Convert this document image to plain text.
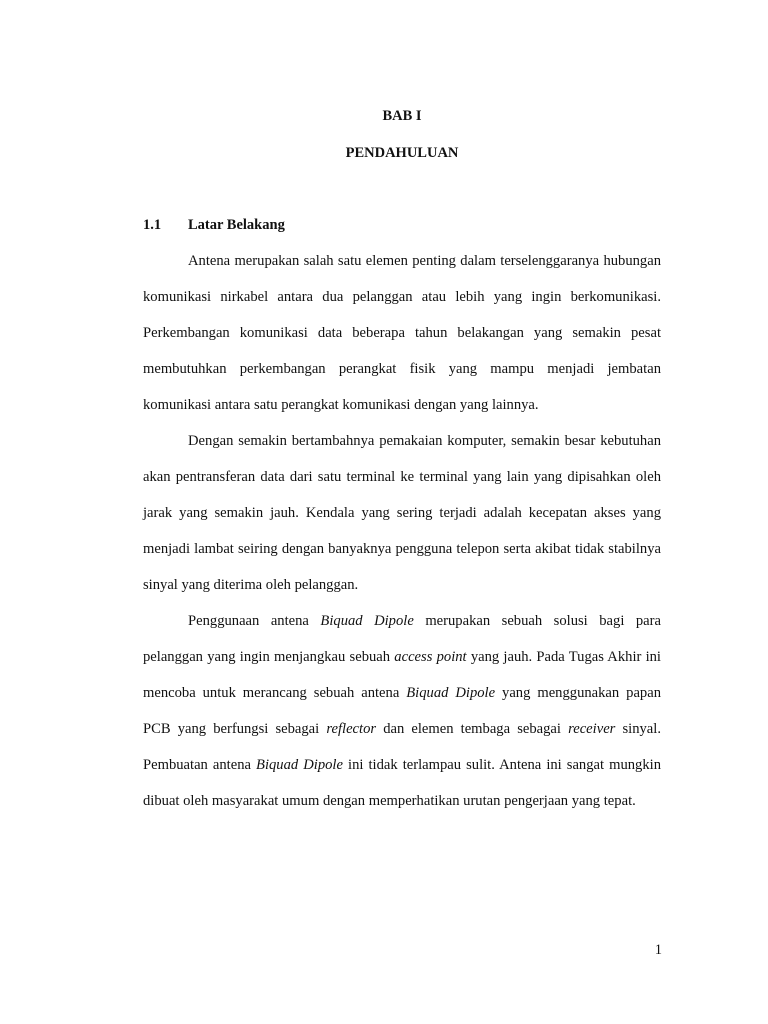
BAB I
PENDAHULUAN
1.1 Latar Belakang

Antena merupakan salah satu elemen penting dalam terselenggaranya hubungan komunikasi nirkabel antara dua pelanggan atau lebih yang ingin berkomunikasi. Perkembangan komunikasi data beberapa tahun belakangan yang semakin pesat membutuhkan perkembangan perangkat fisik yang mampu menjadi jembatan komunikasi antara satu perangkat komunikasi dengan yang lainnya.

Dengan semakin bertambahnya pemakaian komputer, semakin besar kebutuhan akan pentransferan data dari satu terminal ke terminal yang lain yang dipisahkan oleh jarak yang semakin jauh. Kendala yang sering terjadi adalah kecepatan akses yang menjadi lambat seiring dengan banyaknya pengguna telepon serta akibat tidak stabilnya sinyal yang diterima oleh pelanggan.

Penggunaan antena Biquad Dipole merupakan sebuah solusi bagi para pelanggan yang ingin menjangkau sebuah access point yang jauh. Pada Tugas Akhir ini mencoba untuk merancang sebuah antena Biquad Dipole yang menggunakan papan PCB yang berfungsi sebagai reflector dan elemen tembaga sebagai receiver sinyal. Pembuatan antena Biquad Dipole ini tidak terlampau sulit. Antena ini sangat mungkin dibuat oleh masyarakat umum dengan memperhatikan urutan pengerjaan yang tepat.

1
